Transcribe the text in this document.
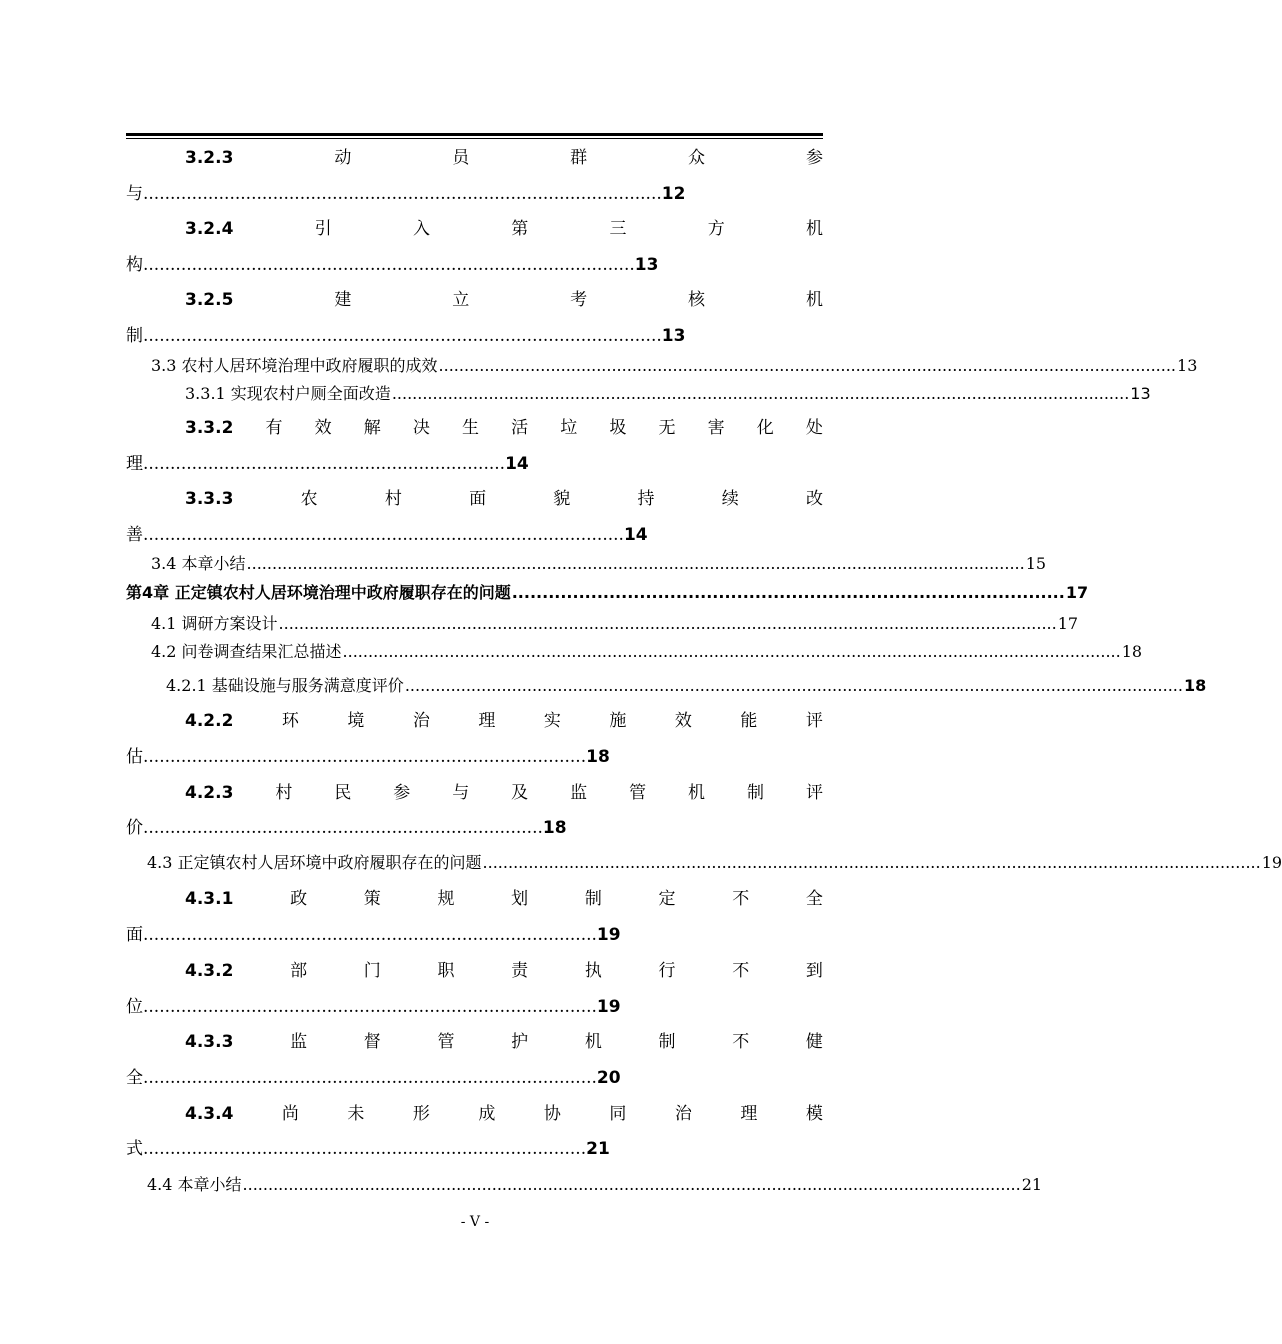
3.2.3	动	员	群	众	参
与................................................................................................12
3.2.4	引	入	第	三	方	机
构...........................................................................................13
3.2.5	建	立	考	核	机
制................................................................................................13
3.3 农村人居环境治理中政府履职的成效 ................................................................................................................................................. 13
3.3.1 实现农村户厕全面改造 ................................................................................................................................................. 13
3.3.2 有 效 解 决 生 活 垃 圾 无 害 化 处
理...................................................................14
3.3.3	农	村	面	貌	持	续	改
善.........................................................................................14
3.4 本章小结 ......................................................................................................................................................... 15
第4章 正定镇农村人居环境治理中政府履职存在的问题 ........................................................................................... 17
4.1 调研方案设计 ......................................................................................................................................................... 17
4.2 问卷调查结果汇总描述 ......................................................................................................................................................... 18
4.2.1 基础设施与服务满意度评价 ......................................................................................................................................................... 18
4.2.2	环	境	治	理	实	施	效	能	评
估..................................................................................18
4.2.3 村 民 参 与 及 监 管 机 制 评
价..........................................................................18
4.3 正定镇农村人居环境中政府履职存在的问题 ......................................................................................................................................................... 19
4.3.1	政	策	规	划	制	定	不	全
面....................................................................................19
4.3.2	部	门	职	责	执	行	不	到
位....................................................................................19
4.3.3	监	督	管	护	机	制	不	健
全....................................................................................20
4.3.4	尚	未	形	成	协	同	治	理	模
式..................................................................................21
4.4 本章小结 ......................................................................................................................................................... 21
- V -
